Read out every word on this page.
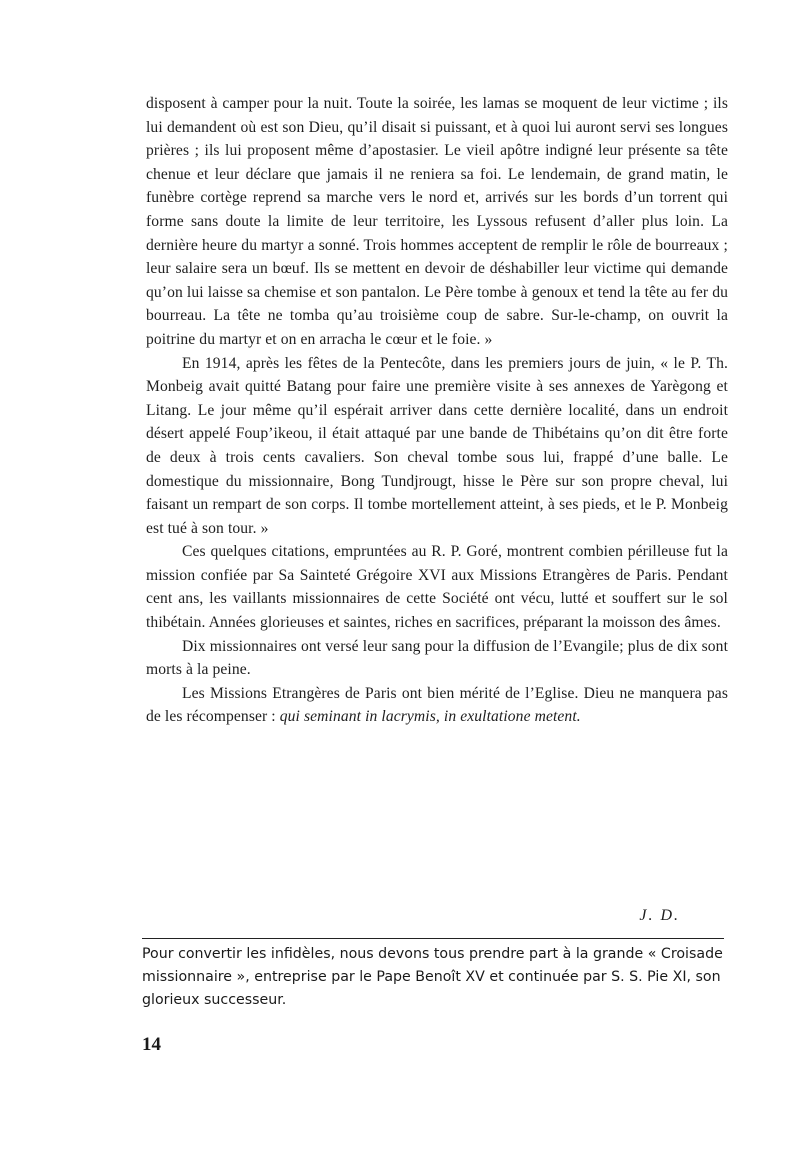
disposent à camper pour la nuit. Toute la soirée, les lamas se moquent de leur victime ; ils lui demandent où est son Dieu, qu’il disait si puissant, et à quoi lui auront servi ses longues prières ; ils lui proposent même d’apostasier. Le vieil apôtre indigné leur présente sa tête chenue et leur déclare que jamais il ne reniera sa foi. Le lendemain, de grand matin, le funèbre cortège reprend sa marche vers le nord et, arrivés sur les bords d’un torrent qui forme sans doute la limite de leur territoire, les Lyssous refusent d’aller plus loin. La dernière heure du martyr a sonné. Trois hommes acceptent de remplir le rôle de bourreaux ; leur salaire sera un bœuf. Ils se mettent en devoir de déshabiller leur victime qui demande qu’on lui laisse sa chemise et son pantalon. Le Père tombe à genoux et tend la tête au fer du bourreau. La tête ne tomba qu’au troisième coup de sabre. Sur-le-champ, on ouvrit la poitrine du martyr et on en arracha le cœur et le foie. »

En 1914, après les fêtes de la Pentecôte, dans les premiers jours de juin, « le P. Th. Monbeig avait quitté Batang pour faire une première visite à ses annexes de Yarègong et Litang. Le jour même qu’il espérait arriver dans cette dernière localité, dans un endroit désert appelé Foup’ikeou, il était attaqué par une bande de Thibétains qu’on dit être forte de deux à trois cents cavaliers. Son cheval tombe sous lui, frappé d’une balle. Le domestique du missionnaire, Bong Tundjrougt, hisse le Père sur son propre cheval, lui faisant un rempart de son corps. Il tombe mortellement atteint, à ses pieds, et le P. Monbeig est tué à son tour. »

Ces quelques citations, empruntées au R. P. Goré, montrent combien périlleuse fut la mission confiée par Sa Sainteté Grégoire XVI aux Missions Etrangères de Paris. Pendant cent ans, les vaillants missionnaires de cette Société ont vécu, lutté et souffert sur le sol thibétain. Années glorieuses et saintes, riches en sacrifices, préparant la moisson des âmes.

Dix missionnaires ont versé leur sang pour la diffusion de l’Evangile; plus de dix sont morts à la peine.

Les Missions Etrangères de Paris ont bien mérité de l’Eglise. Dieu ne manquera pas de les récompenser : qui seminant in lacrymis, in exultatione metent.

J. D.
Pour convertir les infidèles, nous devons tous prendre part à la grande « Croisade missionnaire », entreprise par le Pape Benoît XV et continuée par S. S. Pie XI, son glorieux successeur.
14
